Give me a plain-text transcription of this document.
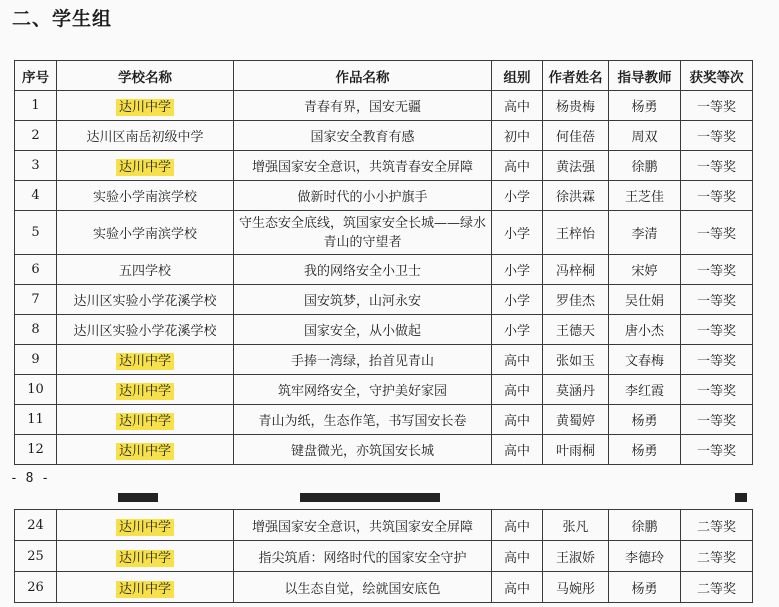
二、学生组
序号	学校名称	作品名称	组别	作者姓名	指导教师	获奖等次
1	达川中学	青春有界，国安无疆	高中	杨贵梅	杨勇	一等奖
2	达川区南岳初级中学	国家安全教育有感	初中	何佳蓓	周双	一等奖
3	达川中学	增强国家安全意识，共筑青春安全屏障	高中	黄法强	徐鹏	一等奖
4	实验小学南滨学校	做新时代的小小护旗手	小学	徐洪霖	王芝佳	一等奖
5	实验小学南滨学校	守生态安全底线，筑国家安全长城——绿水青山的守望者	小学	王梓怡	李清	一等奖
6	五四学校	我的网络安全小卫士	小学	冯梓桐	宋婷	一等奖
7	达川区实验小学花溪学校	国安筑梦，山河永安	小学	罗佳杰	吴仕娟	一等奖
8	达川区实验小学花溪学校	国家安全，从小做起	小学	王德天	唐小杰	一等奖
9	达川中学	手捧一湾绿，抬首见青山	高中	张如玉	文春梅	一等奖
10	达川中学	筑牢网络安全，守护美好家园	高中	莫涵丹	李红霞	一等奖
11	达川中学	青山为纸，生态作笔，书写国安长卷	高中	黄蜀婷	杨勇	一等奖
12	达川中学	键盘微光，亦筑国安长城	高中	叶雨桐	杨勇	一等奖
- 8 -
24	达川中学	增强国家安全意识，共筑国家安全屏障	高中	张凡	徐鹏	二等奖
25	达川中学	指尖筑盾：网络时代的国家安全守护	高中	王淑娇	李德玲	二等奖
26	达川中学	以生态自觉，绘就国安底色	高中	马婉彤	杨勇	二等奖
